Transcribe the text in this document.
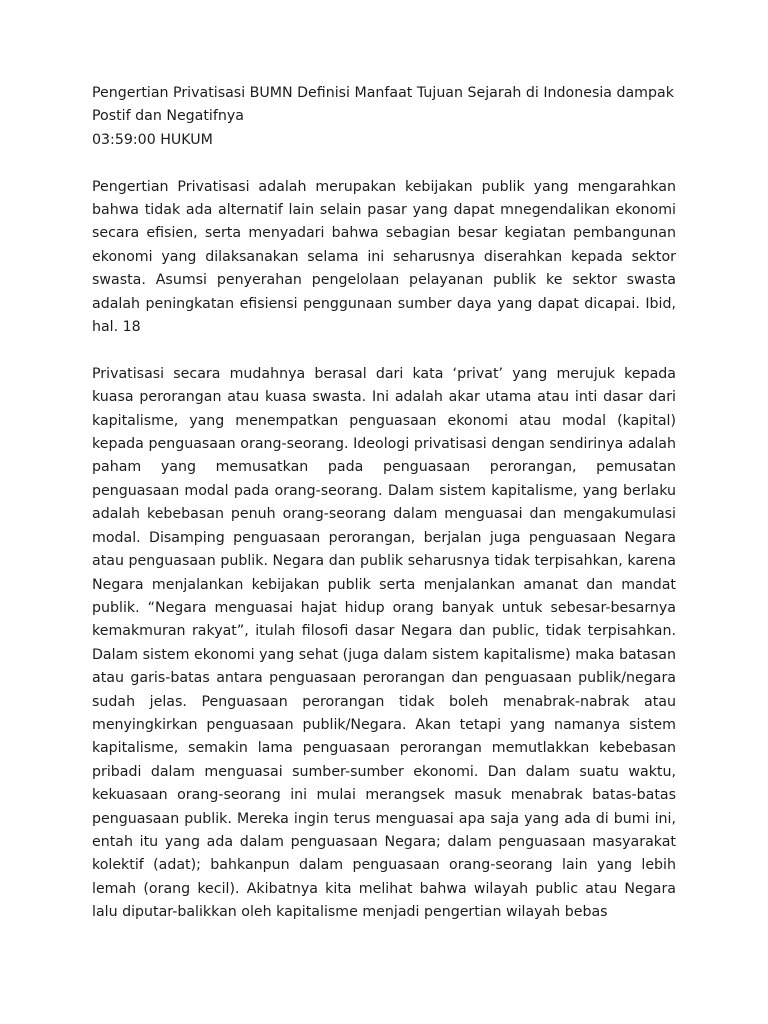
Pengertian Privatisasi BUMN Definisi Manfaat Tujuan Sejarah di Indonesia dampak Postif dan Negatifnya
03:59:00 HUKUM

Pengertian Privatisasi adalah merupakan kebijakan publik yang mengarahkan bahwa tidak ada alternatif lain selain pasar yang dapat mnegendalikan ekonomi secara efisien, serta menyadari bahwa sebagian besar kegiatan pembangunan ekonomi yang dilaksanakan selama ini seharusnya diserahkan kepada sektor swasta. Asumsi penyerahan pengelolaan pelayanan publik ke sektor swasta adalah peningkatan efisiensi penggunaan sumber daya yang dapat dicapai. Ibid, hal. 18

Privatisasi secara mudahnya berasal dari kata ‘privat’ yang merujuk kepada kuasa perorangan atau kuasa swasta. Ini adalah akar utama atau inti dasar dari kapitalisme, yang menempatkan penguasaan ekonomi atau modal (kapital) kepada penguasaan orang-seorang. Ideologi privatisasi dengan sendirinya adalah paham yang memusatkan pada penguasaan perorangan, pemusatan penguasaan modal pada orang-seorang. Dalam sistem kapitalisme, yang berlaku adalah kebebasan penuh orang-seorang dalam menguasai dan mengakumulasi modal. Disamping penguasaan perorangan, berjalan juga penguasaan Negara atau penguasaan publik. Negara dan publik seharusnya tidak terpisahkan, karena Negara menjalankan kebijakan publik serta menjalankan amanat dan mandat publik. “Negara menguasai hajat hidup orang banyak untuk sebesar-besarnya kemakmuran rakyat”, itulah filosofi dasar Negara dan public, tidak terpisahkan. Dalam sistem ekonomi yang sehat (juga dalam sistem kapitalisme) maka batasan atau garis-batas antara penguasaan perorangan dan penguasaan publik/negara sudah jelas. Penguasaan perorangan tidak boleh menabrak-nabrak atau menyingkirkan penguasaan publik/Negara. Akan tetapi yang namanya sistem kapitalisme, semakin lama penguasaan perorangan memutlakkan kebebasan pribadi dalam menguasai sumber-sumber ekonomi. Dan dalam suatu waktu, kekuasaan orang-seorang ini mulai merangsek masuk menabrak batas-batas penguasaan publik. Mereka ingin terus menguasai apa saja yang ada di bumi ini, entah itu yang ada dalam penguasaan Negara; dalam penguasaan masyarakat kolektif (adat); bahkanpun dalam penguasaan orang-seorang lain yang lebih lemah (orang kecil). Akibatnya kita melihat bahwa wilayah public atau Negara lalu diputar-balikkan oleh kapitalisme menjadi pengertian wilayah bebas
